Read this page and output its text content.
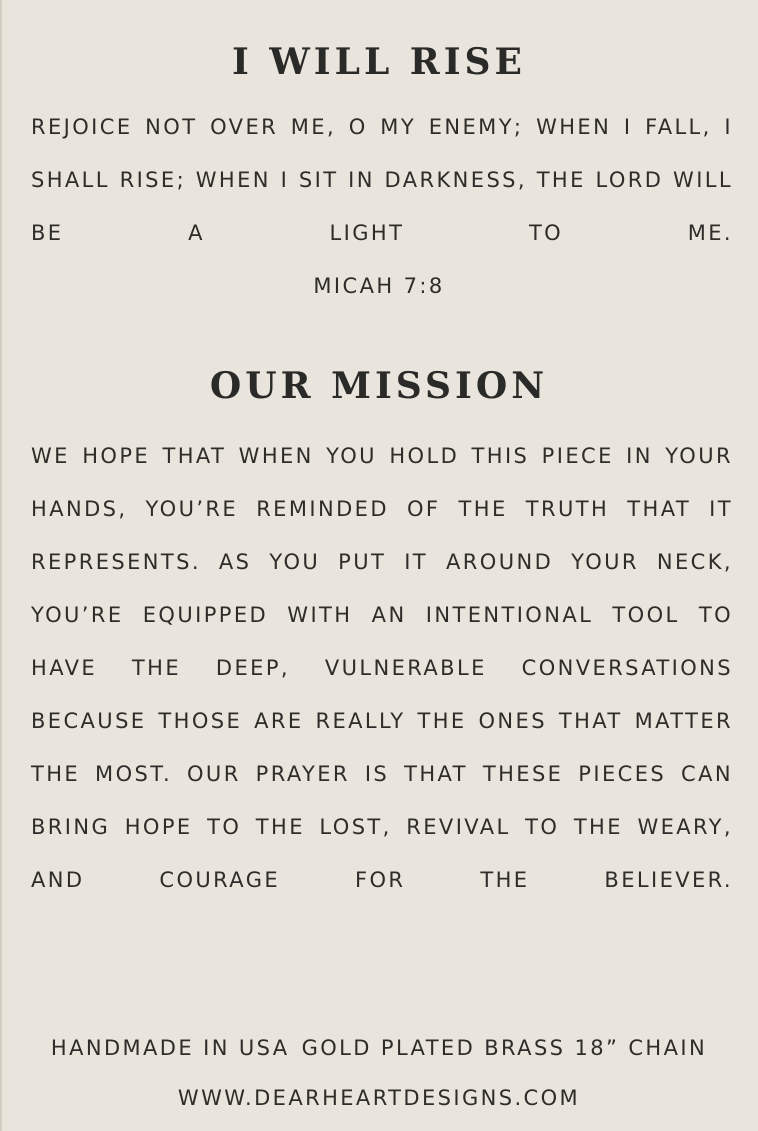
I WILL RISE

REJOICE NOT OVER ME, O MY ENEMY; WHEN I FALL, I SHALL RISE; WHEN I SIT IN DARKNESS, THE LORD WILL BE A LIGHT TO ME.

MICAH 7:8
OUR MISSION

WE HOPE THAT WHEN YOU HOLD THIS PIECE IN YOUR HANDS, YOU’RE REMINDED OF THE TRUTH THAT IT REPRESENTS. AS YOU PUT IT AROUND YOUR NECK, YOU’RE EQUIPPED WITH AN INTENTIONAL TOOL TO HAVE THE DEEP, VULNERABLE CONVERSATIONS BECAUSE THOSE ARE REALLY THE ONES THAT MATTER THE MOST. OUR PRAYER IS THAT THESE PIECES CAN BRING HOPE TO THE LOST, REVIVAL TO THE WEARY, AND COURAGE FOR THE BELIEVER.

HANDMADE IN USA GOLD PLATED BRASS 18” CHAIN
WWW.DEARHEARTDESIGNS.COM
